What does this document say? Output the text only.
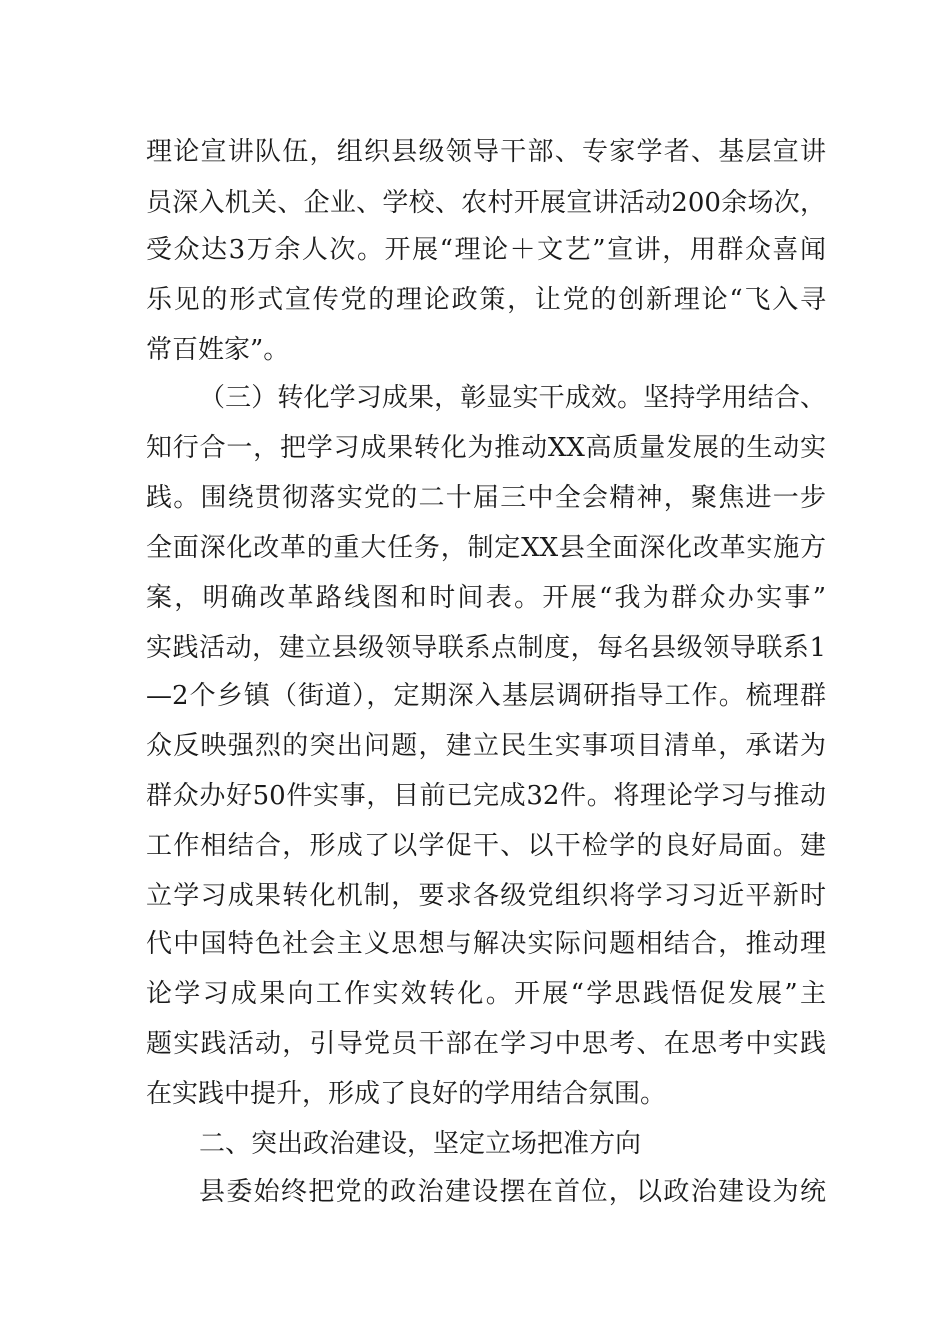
理论宣讲队伍，组织县级领导干部、专家学者、基层宣讲
员深入机关、企业、学校、农村开展宣讲活动200余场次，
受众达3万余人次。开展“理论＋文艺”宣讲，用群众喜闻
乐见的形式宣传党的理论政策，让党的创新理论“飞入寻
常百姓家”。
（三）转化学习成果，彰显实干成效。坚持学用结合、
知行合一，把学习成果转化为推动XX高质量发展的生动实
践。围绕贯彻落实党的二十届三中全会精神，聚焦进一步
全面深化改革的重大任务，制定XX县全面深化改革实施方
案，明确改革路线图和时间表。开展“我为群众办实事”
实践活动，建立县级领导联系点制度，每名县级领导联系1
—2个乡镇（街道），定期深入基层调研指导工作。梳理群
众反映强烈的突出问题，建立民生实事项目清单，承诺为
群众办好50件实事，目前已完成32件。将理论学习与推动
工作相结合，形成了以学促干、以干检学的良好局面。建
立学习成果转化机制，要求各级党组织将学习习近平新时
代中国特色社会主义思想与解决实际问题相结合，推动理
论学习成果向工作实效转化。开展“学思践悟促发展”主
题实践活动，引导党员干部在学习中思考、在思考中实践
在实践中提升，形成了良好的学用结合氛围。
二、突出政治建设，坚定立场把准方向
县委始终把党的政治建设摆在首位，以政治建设为统
